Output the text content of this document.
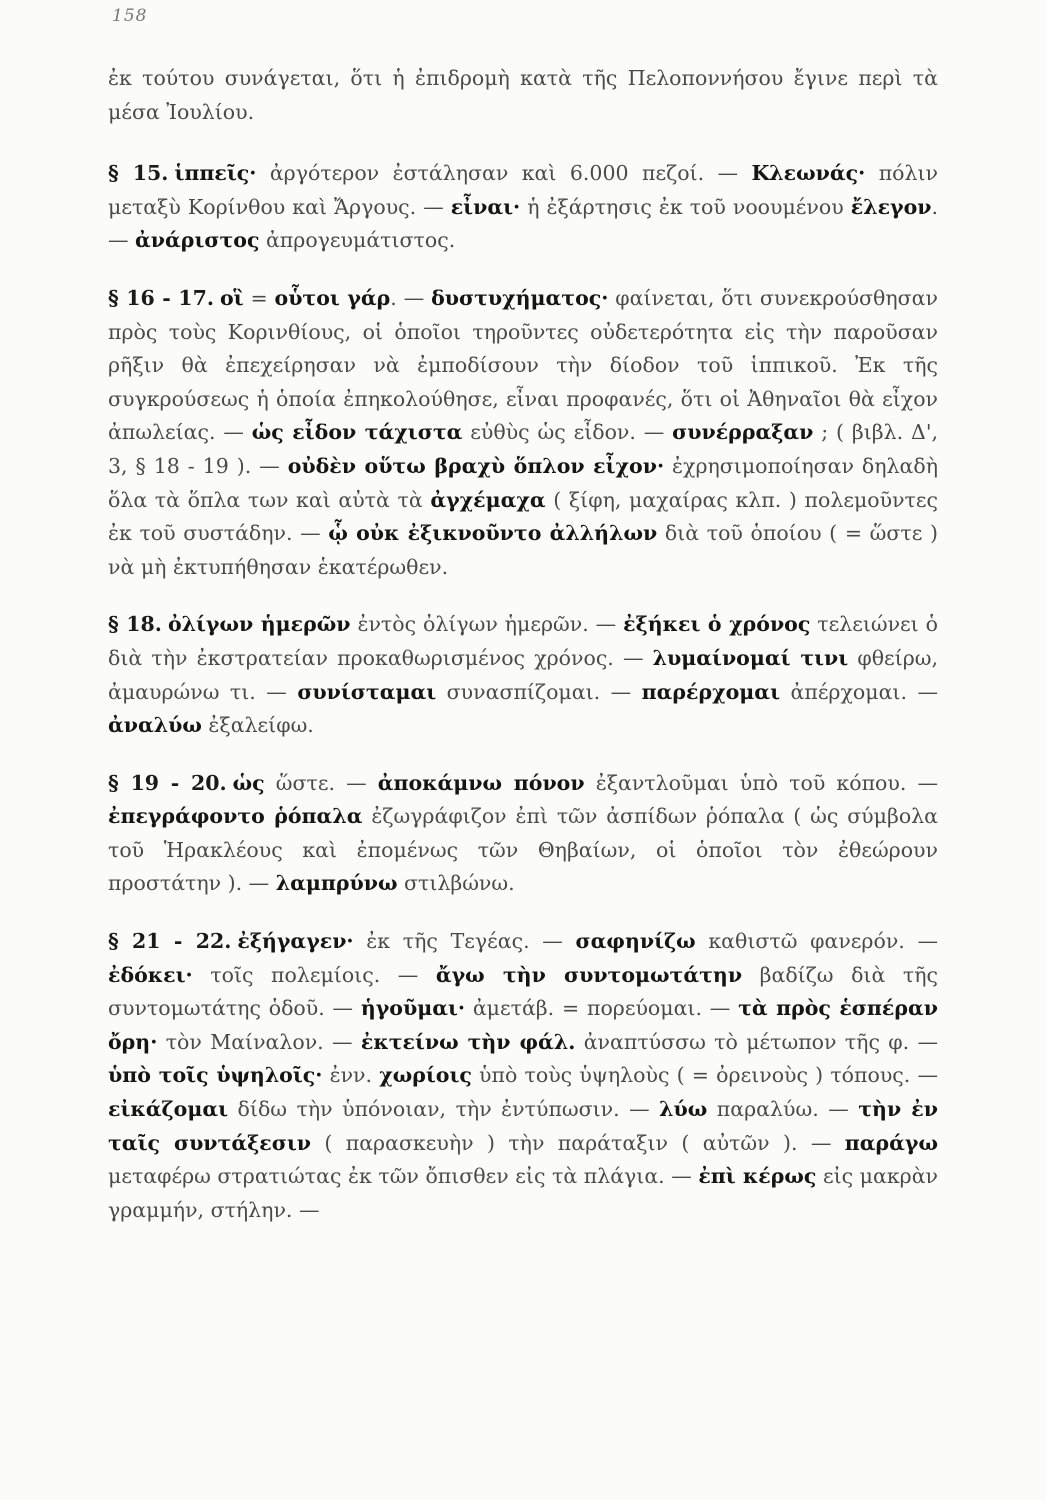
158

ἐκ τούτου συνάγεται, ὅτι ἡ ἐπιδρομὴ κατὰ τῆς Πελοποννήσου ἔγινε περὶ τὰ μέσα Ἰουλίου.

§ 15. ἱππεῖς· ἀργότερον ἐστάλησαν καὶ 6.000 πεζοί. — Κλεωνάς· πόλιν μεταξὺ Κορίνθου καὶ Ἄργους. — εἶναι· ἡ ἐξάρτησις ἐκ τοῦ νοουμένου ἔλεγον. — ἀνάριστος ἀπρογευμάτιστος.

§ 16 - 17. οἳ = οὗτοι γάρ. — δυστυχήματος· φαίνεται, ὅτι συνεκρούσθησαν πρὸς τοὺς Κορινθίους, οἱ ὁποῖοι τηροῦντες οὐδετερότητα εἰς τὴν παροῦσαν ρῆξιν θὰ ἐπεχείρησαν νὰ ἐμποδίσουν τὴν δίοδον τοῦ ἱππικοῦ. Ἐκ τῆς συγκρούσεως ἡ ὁποία ἐπηκολούθησε, εἶναι προφανές, ὅτι οἱ Ἀθηναῖοι θὰ εἶχον ἀπωλείας. — ὡς εἶδον τάχιστα εὐθὺς ὡς εἶδον. — συνέρραξαν ; ( βιβλ. Δ', 3, § 18 - 19 ). — οὐδὲν οὕτω βραχὺ ὅπλον εἶχον· ἐχρησιμοποίησαν δηλαδὴ ὅλα τὰ ὅπλα των καὶ αὐτὰ τὰ ἀγχέμαχα ( ξίφη, μαχαίρας κλπ. ) πολεμοῦντες ἐκ τοῦ συστάδην. — ᾧ οὐκ ἐξικνοῦντο ἀλλήλων διὰ τοῦ ὁποίου ( = ὥστε ) νὰ μὴ ἐκτυπήθησαν ἑκατέρωθεν.

§ 18. ὀλίγων ἡμερῶν ἐντὸς ὀλίγων ἡμερῶν. — ἐξήκει ὁ χρόνος τελειώνει ὁ διὰ τὴν ἐκστρατείαν προκαθωρισμένος χρόνος. — λυμαίνομαί τινι φθείρω, ἀμαυρώνω τι. — συνίσταμαι συνασπίζομαι. — παρέρχομαι ἀπέρχομαι. — ἀναλύω ἐξαλείφω.

§ 19 - 20. ὡς ὥστε. — ἀποκάμνω πόνον ἐξαντλοῦμαι ὑπὸ τοῦ κόπου. — ἐπεγράφοντο ῥόπαλα ἐζωγράφιζον ἐπὶ τῶν ἀσπίδων ῥόπαλα ( ὡς σύμβολα τοῦ Ἡρακλέους καὶ ἐπομένως τῶν Θηβαίων, οἱ ὁποῖοι τὸν ἐθεώρουν προστάτην ). — λαμπρύνω στιλβώνω.

§ 21 - 22. ἐξήγαγεν· ἐκ τῆς Τεγέας. — σαφηνίζω καθιστῶ φανερόν. — ἐδόκει· τοῖς πολεμίοις. — ἄγω τὴν συντομωτάτην βαδίζω διὰ τῆς συντομωτάτης ὁδοῦ. — ἡγοῦμαι· ἀμετάβ. = πορεύομαι. — τὰ πρὸς ἑσπέραν ὄρη· τὸν Μαίναλον. — ἐκτείνω τὴν φάλ. ἀναπτύσσω τὸ μέτωπον τῆς φ. — ὑπὸ τοῖς ὑψηλοῖς· ἐνν. χωρίοις ὑπὸ τοὺς ὑψηλοὺς ( = ὀρεινοὺς ) τόπους. — εἰκάζομαι δίδω τὴν ὑπόνοιαν, τὴν ἐντύπωσιν. — λύω παραλύω. — τὴν ἐν ταῖς συντάξεσιν ( παρασκευὴν ) τὴν παράταξιν ( αὐτῶν ). — παράγω μεταφέρω στρατιώτας ἐκ τῶν ὄπισθεν εἰς τὰ πλάγια. — ἐπὶ κέρως εἰς μακρὰν γραμμήν, στήλην. —
